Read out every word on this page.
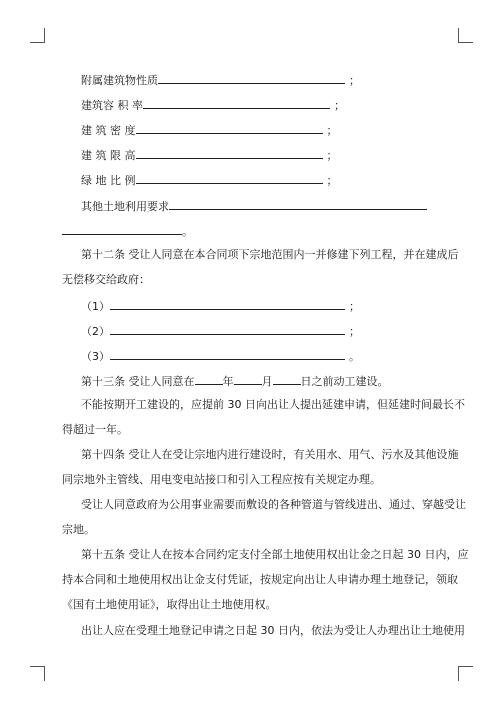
附属建筑物性质	；
建筑容 积 率	；
建 筑 密 度	；
建 筑 限 高	；
绿 地 比 例	；
其他土地利用要求
。
第十二条 受让人同意在本合同项下宗地范围内一并修建下列工程，并在建成后
无偿移交给政府：
（1）	；
（2）	；
（3）	。
第十三条 受让人同意在	年	月	日之前动工建设。
不能按期开工建设的，应提前 30 日向出让人提出延建申请，但延建时间最长不
得超过一年。
第十四条 受让人在受让宗地内进行建设时，有关用水、用气、污水及其他设施
同宗地外主管线、用电变电站接口和引入工程应按有关规定办理。
受让人同意政府为公用事业需要而敷设的各种管道与管线进出、通过、穿越受让
宗地。
第十五条 受让人在按本合同约定支付全部土地使用权出让金之日起 30 日内，应
持本合同和土地使用权出让金支付凭证，按规定向出让人申请办理土地登记，领取
《国有土地使用证》，取得出让土地使用权。
出让人应在受理土地登记申请之日起 30 日内，依法为受让人办理出让土地使用
